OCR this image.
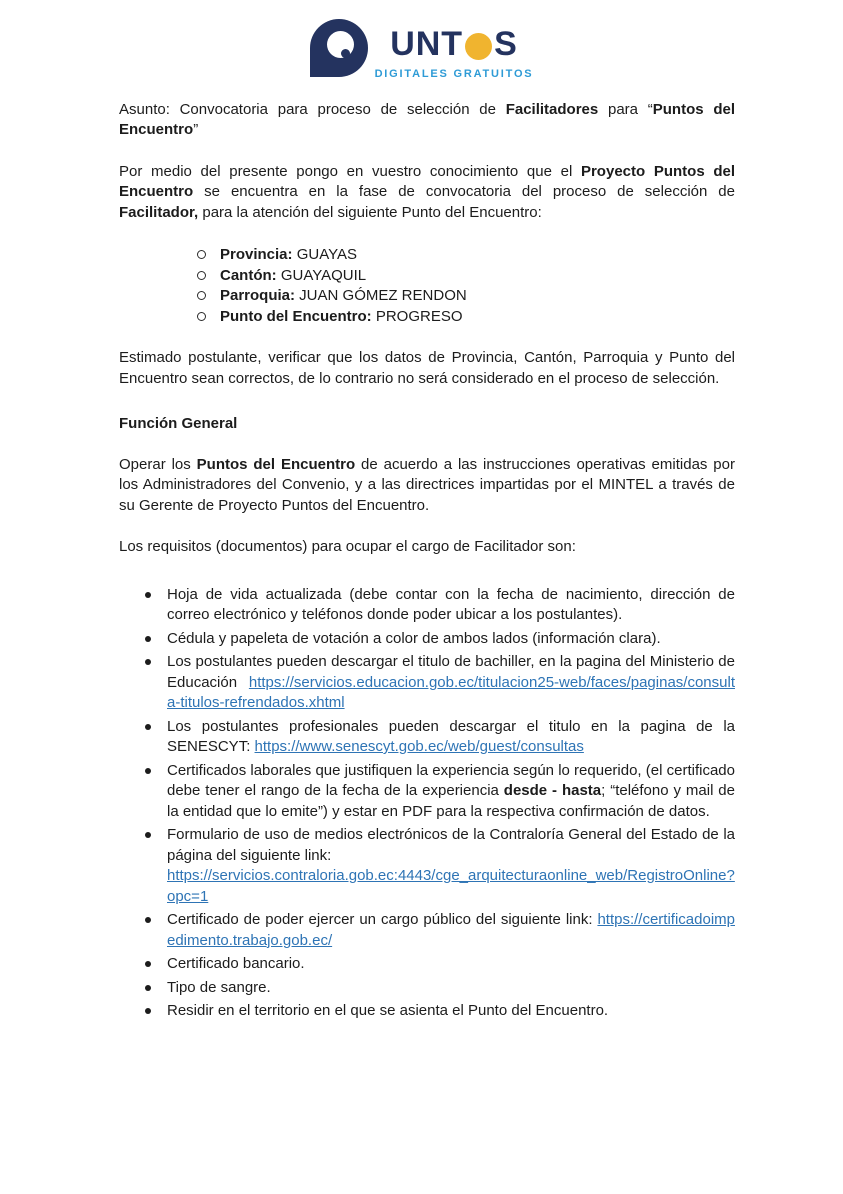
UNT S
DIGITALES GRATUITOS

Asunto: Convocatoria para proceso de selección de Facilitadores para “Puntos del Encuentro”

Por medio del presente pongo en vuestro conocimiento que el Proyecto Puntos del Encuentro se encuentra en la fase de convocatoria del proceso de selección de Facilitador, para la atención del siguiente Punto del Encuentro:

Provincia: GUAYAS
Cantón: GUAYAQUIL
Parroquia: JUAN GÓMEZ RENDON
Punto del Encuentro: PROGRESO

Estimado postulante, verificar que los datos de Provincia, Cantón, Parroquia y Punto del Encuentro sean correctos, de lo contrario no será considerado en el proceso de selección.

Función General

Operar los Puntos del Encuentro de acuerdo a las instrucciones operativas emitidas por los Administradores del Convenio, y a las directrices impartidas por el MINTEL a través de su Gerente de Proyecto Puntos del Encuentro.

Los requisitos (documentos) para ocupar el cargo de Facilitador son:

Hoja de vida actualizada (debe contar con la fecha de nacimiento, dirección de correo electrónico y teléfonos donde poder ubicar a los postulantes).
Cédula y papeleta de votación a color de ambos lados (información clara).
Los postulantes pueden descargar el titulo de bachiller, en la pagina del Ministerio de Educación https://servicios.educacion.gob.ec/titulacion25-web/faces/paginas/consulta-titulos-refrendados.xhtml
Los postulantes profesionales pueden descargar el titulo en la pagina de la SENESCYT: https://www.senescyt.gob.ec/web/guest/consultas
Certificados laborales que justifiquen la experiencia según lo requerido, (el certificado debe tener el rango de la fecha de la experiencia desde - hasta; “teléfono y mail de la entidad que lo emite”) y estar en PDF para la respectiva confirmación de datos.
Formulario de uso de medios electrónicos de la Contraloría General del Estado de la página del siguiente link:
https://servicios.contraloria.gob.ec:4443/cge_arquitecturaonline_web/RegistroOnline?opc=1
Certificado de poder ejercer un cargo público del siguiente link: https://certificadoimpedimento.trabajo.gob.ec/
Certificado bancario.
Tipo de sangre.
Residir en el territorio en el que se asienta el Punto del Encuentro.
